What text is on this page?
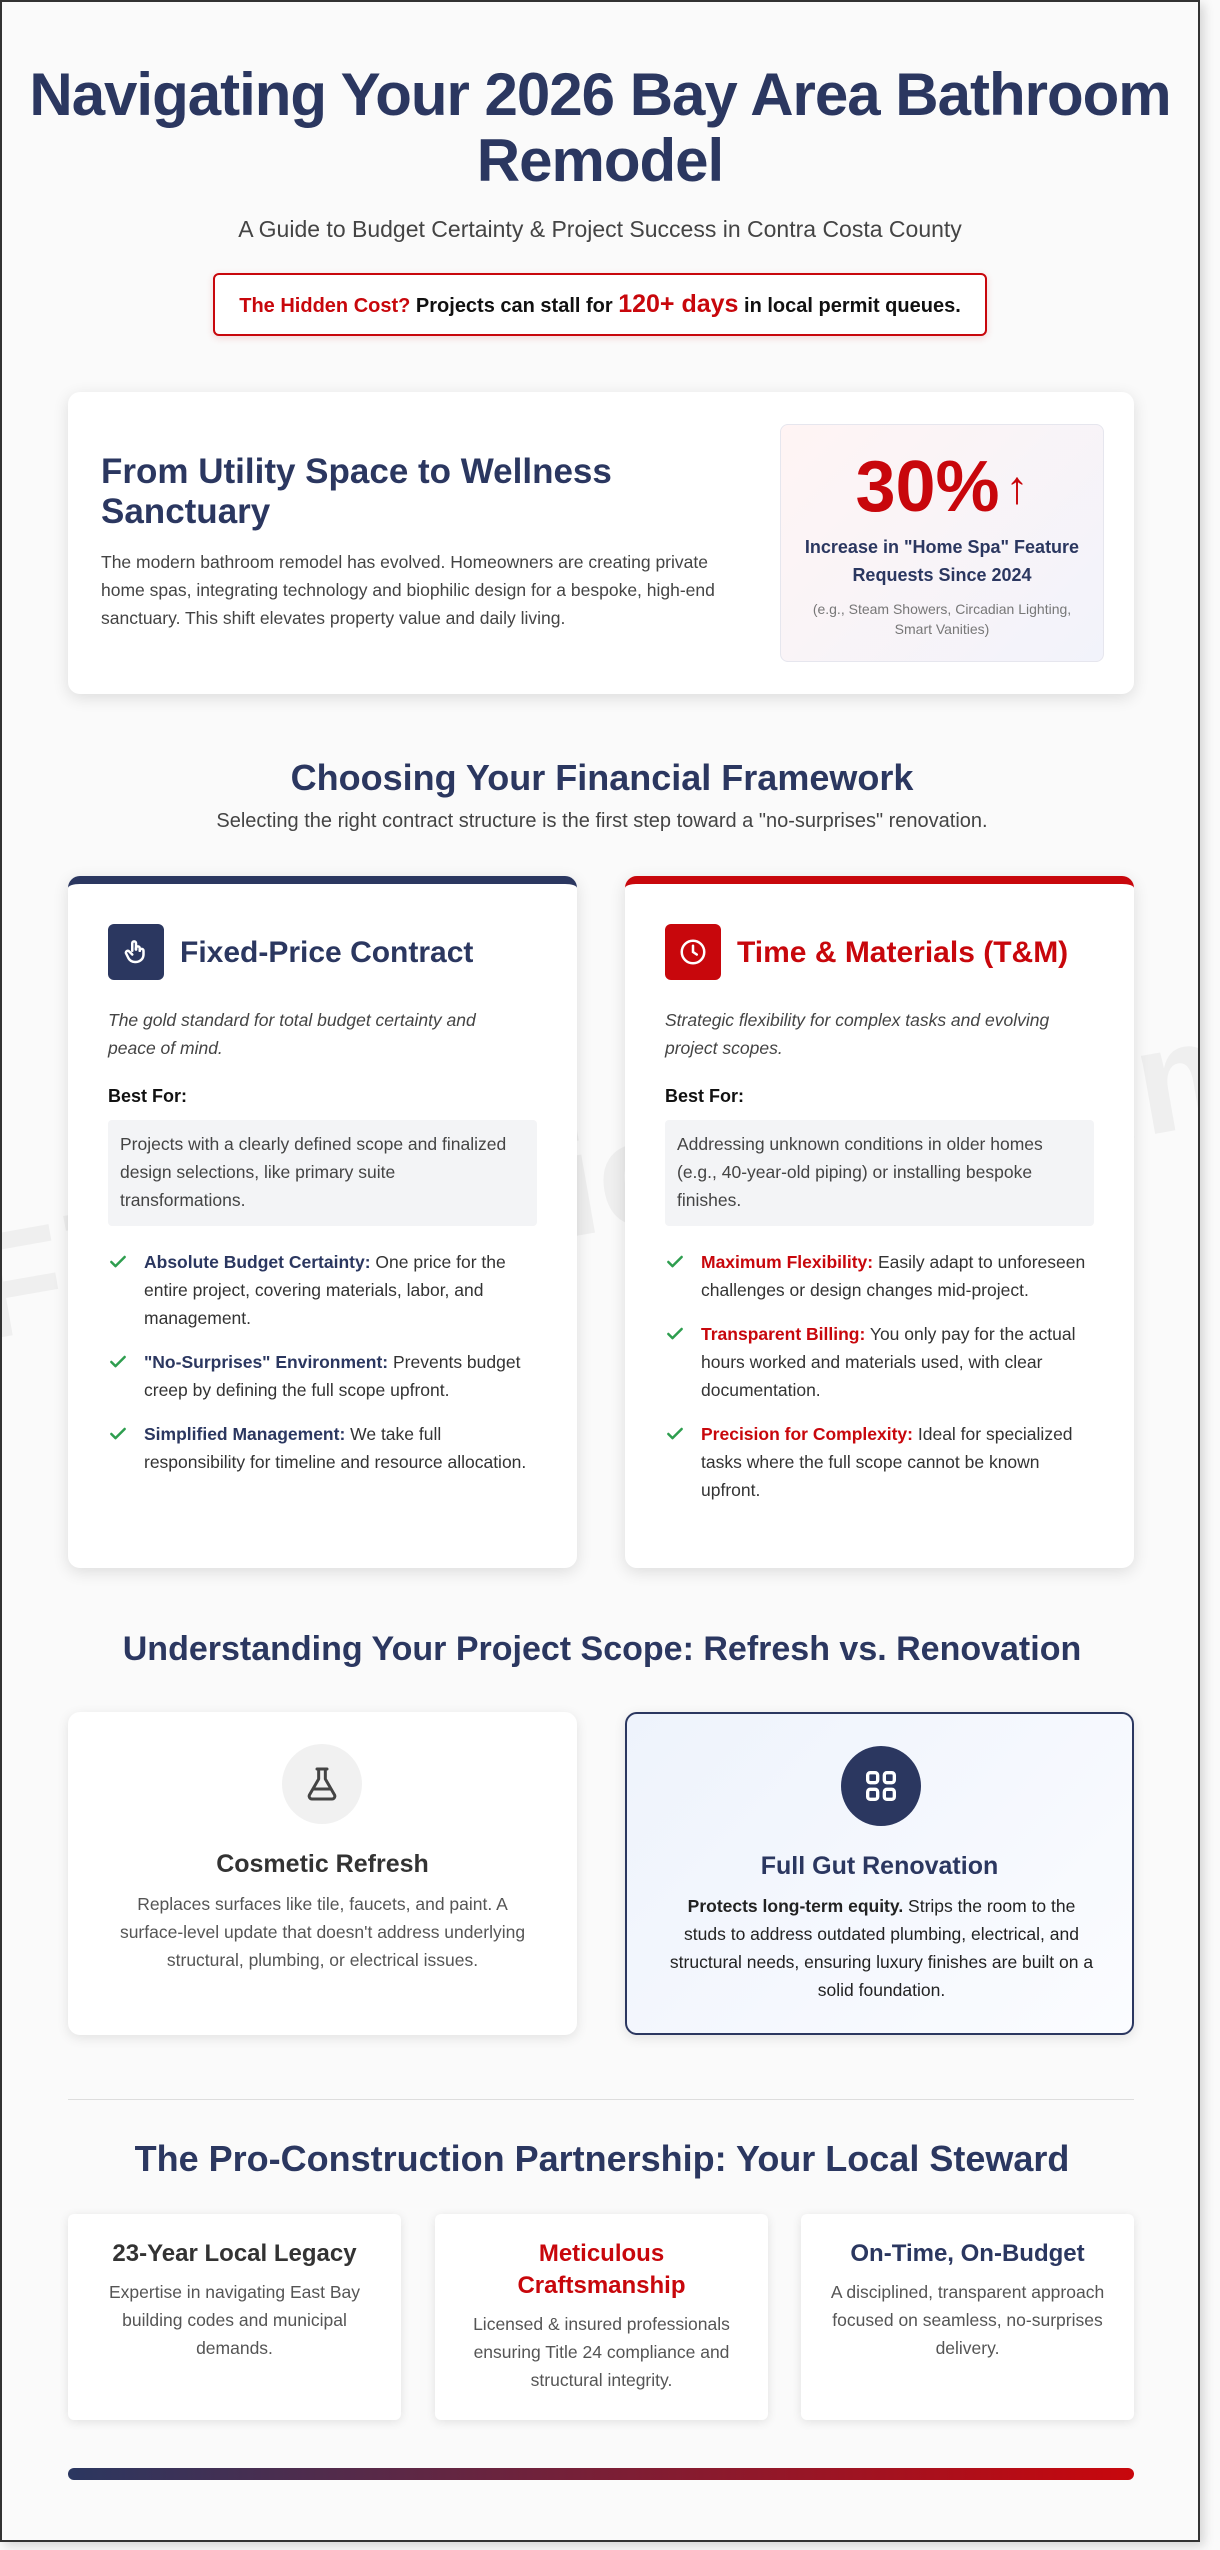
Navigating Your 2026 Bay Area Bathroom Remodel
A Guide to Budget Certainty & Project Success in Contra Costa County
The Hidden Cost? Projects can stall for 120+ days in local permit queues.
From Utility Space to Wellness Sanctuary

The modern bathroom remodel has evolved. Homeowners are creating private home spas, integrating technology and biophilic design for a bespoke, high-end sanctuary. This shift elevates property value and daily living.

30% ↑
Increase in "Home Spa" Feature Requests Since 2024
(e.g., Steam Showers, Circadian Lighting, Smart Vanities)
Choosing Your Financial Framework
Selecting the right contract structure is the first step toward a "no-surprises" renovation.
Fixed-Price Contract
The gold standard for total budget certainty and peace of mind.
Best For:
Projects with a clearly defined scope and finalized design selections, like primary suite transformations.
Absolute Budget Certainty: One price for the entire project, covering materials, labor, and management.
"No-Surprises" Environment: Prevents budget creep by defining the full scope upfront.
Simplified Management: We take full responsibility for timeline and resource allocation.
Time & Materials (T&M)
Strategic flexibility for complex tasks and evolving project scopes.
Best For:
Addressing unknown conditions in older homes (e.g., 40-year-old piping) or installing bespoke finishes.
Maximum Flexibility: Easily adapt to unforeseen challenges or design changes mid-project.
Transparent Billing: You only pay for the actual hours worked and materials used, with clear documentation.
Precision for Complexity: Ideal for specialized tasks where the full scope cannot be known upfront.
Understanding Your Project Scope: Refresh vs. Renovation
Cosmetic Refresh

Replaces surfaces like tile, faucets, and paint. A surface-level update that doesn't address underlying structural, plumbing, or electrical issues.

Full Gut Renovation

Protects long-term equity. Strips the room to the studs to address outdated plumbing, electrical, and structural needs, ensuring luxury finishes are built on a solid foundation.

The Pro-Construction Partnership: Your Local Steward
23-Year Local Legacy

Expertise in navigating East Bay building codes and municipal demands.

Meticulous Craftsmanship

Licensed & insured professionals ensuring Title 24 compliance and structural integrity.

On-Time, On-Budget

A disciplined, transparent approach focused on seamless, no-surprises delivery.
